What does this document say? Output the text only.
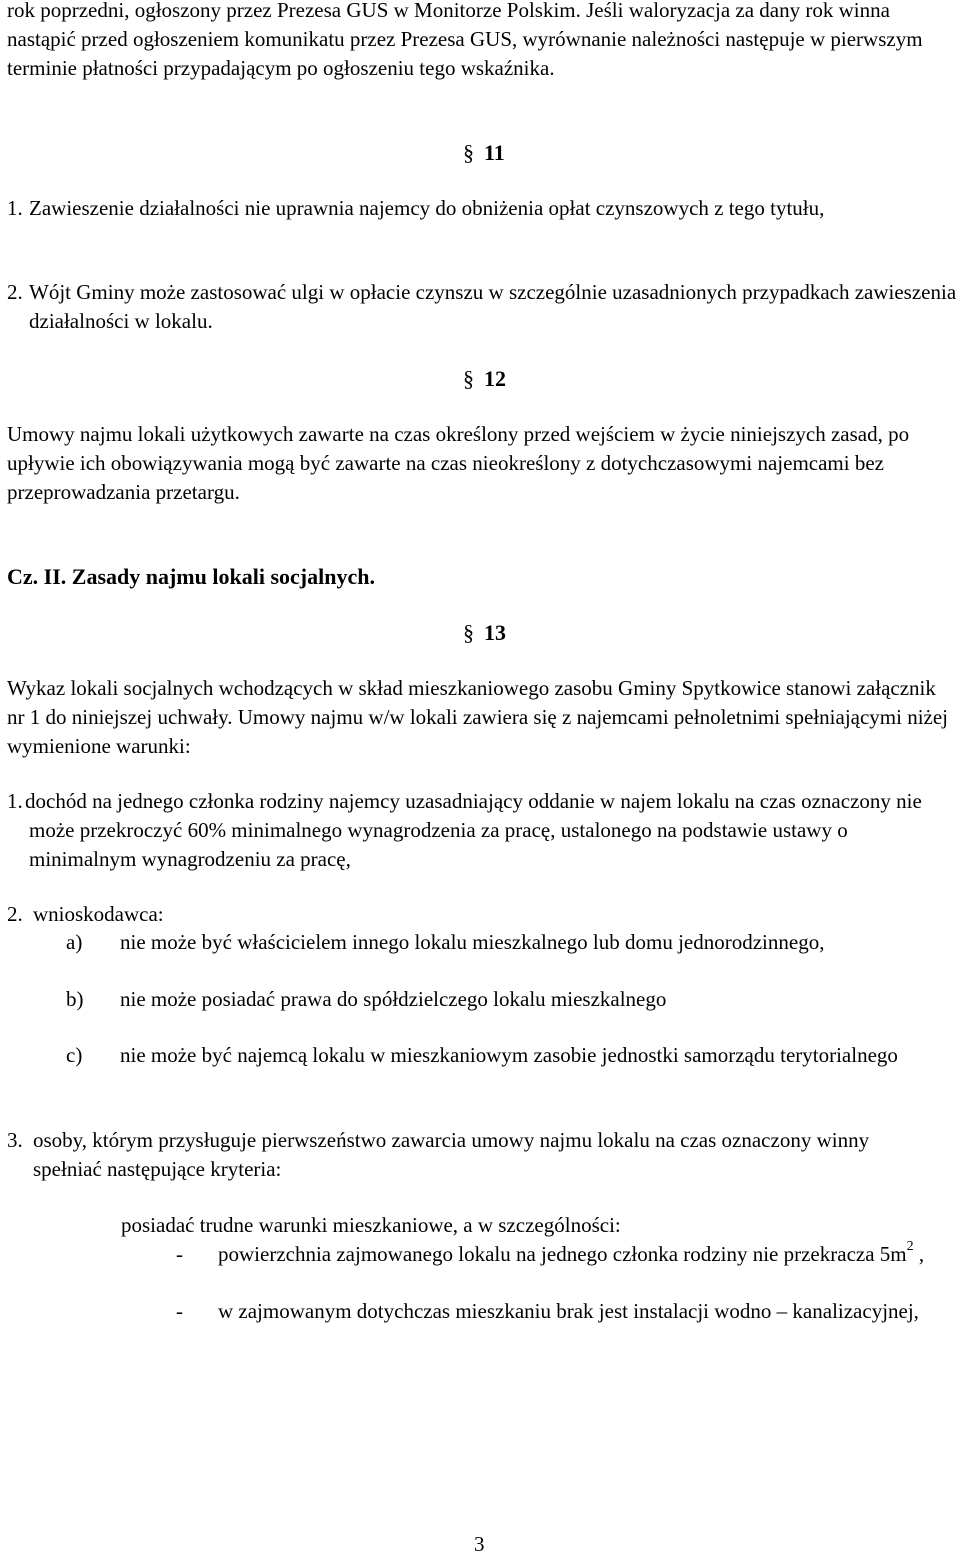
rok poprzedni, ogłoszony przez Prezesa GUS w Monitorze Polskim. Jeśli waloryzacja za dany rok winna nastąpić przed ogłoszeniem komunikatu przez Prezesa GUS, wyrównanie należności następuje w pierwszym terminie płatności przypadającym po ogłoszeniu tego wskaźnika.

§ 11
1. Zawieszenie działalności nie uprawnia najemcy do obniżenia opłat czynszowych z tego tytułu,
2. Wójt Gminy może zastosować ulgi w opłacie czynszu w szczególnie uzasadnionych przypadkach zawieszenia działalności w lokalu.
§ 12

Umowy najmu lokali użytkowych zawarte na czas określony przed wejściem w życie niniejszych zasad, po upływie ich obowiązywania mogą być zawarte na czas nieokreślony z dotychczasowymi najemcami bez przeprowadzania przetargu.

Cz. II. Zasady najmu lokali socjalnych.
§ 13

Wykaz lokali socjalnych wchodzących w skład mieszkaniowego zasobu Gminy Spytkowice stanowi załącznik nr 1 do niniejszej uchwały. Umowy najmu w/w lokali zawiera się z najemcami pełnoletnimi spełniającymi niżej wymienione warunki:

1. dochód na jednego członka rodziny najemcy uzasadniający oddanie w najem lokalu na czas oznaczony nie może przekroczyć 60% minimalnego wynagrodzenia za pracę, ustalonego na podstawie ustawy o minimalnym wynagrodzeniu za pracę,
2. wnioskodawca:
a) nie może być właścicielem innego lokalu mieszkalnego lub domu jednorodzinnego,
b) nie może posiadać prawa do spółdzielczego lokalu mieszkalnego
c) nie może być najemcą lokalu w mieszkaniowym zasobie jednostki samorządu terytorialnego
3. osoby, którym przysługuje pierwszeństwo zawarcia umowy najmu lokalu na czas oznaczony winny spełniać następujące kryteria:
posiadać trudne warunki mieszkaniowe, a w szczególności:
- powierzchnia zajmowanego lokalu na jednego członka rodziny nie przekracza $5m^2$ ,
- w zajmowanym dotychczas mieszkaniu brak jest instalacji wodno – kanalizacyjnej,
3
